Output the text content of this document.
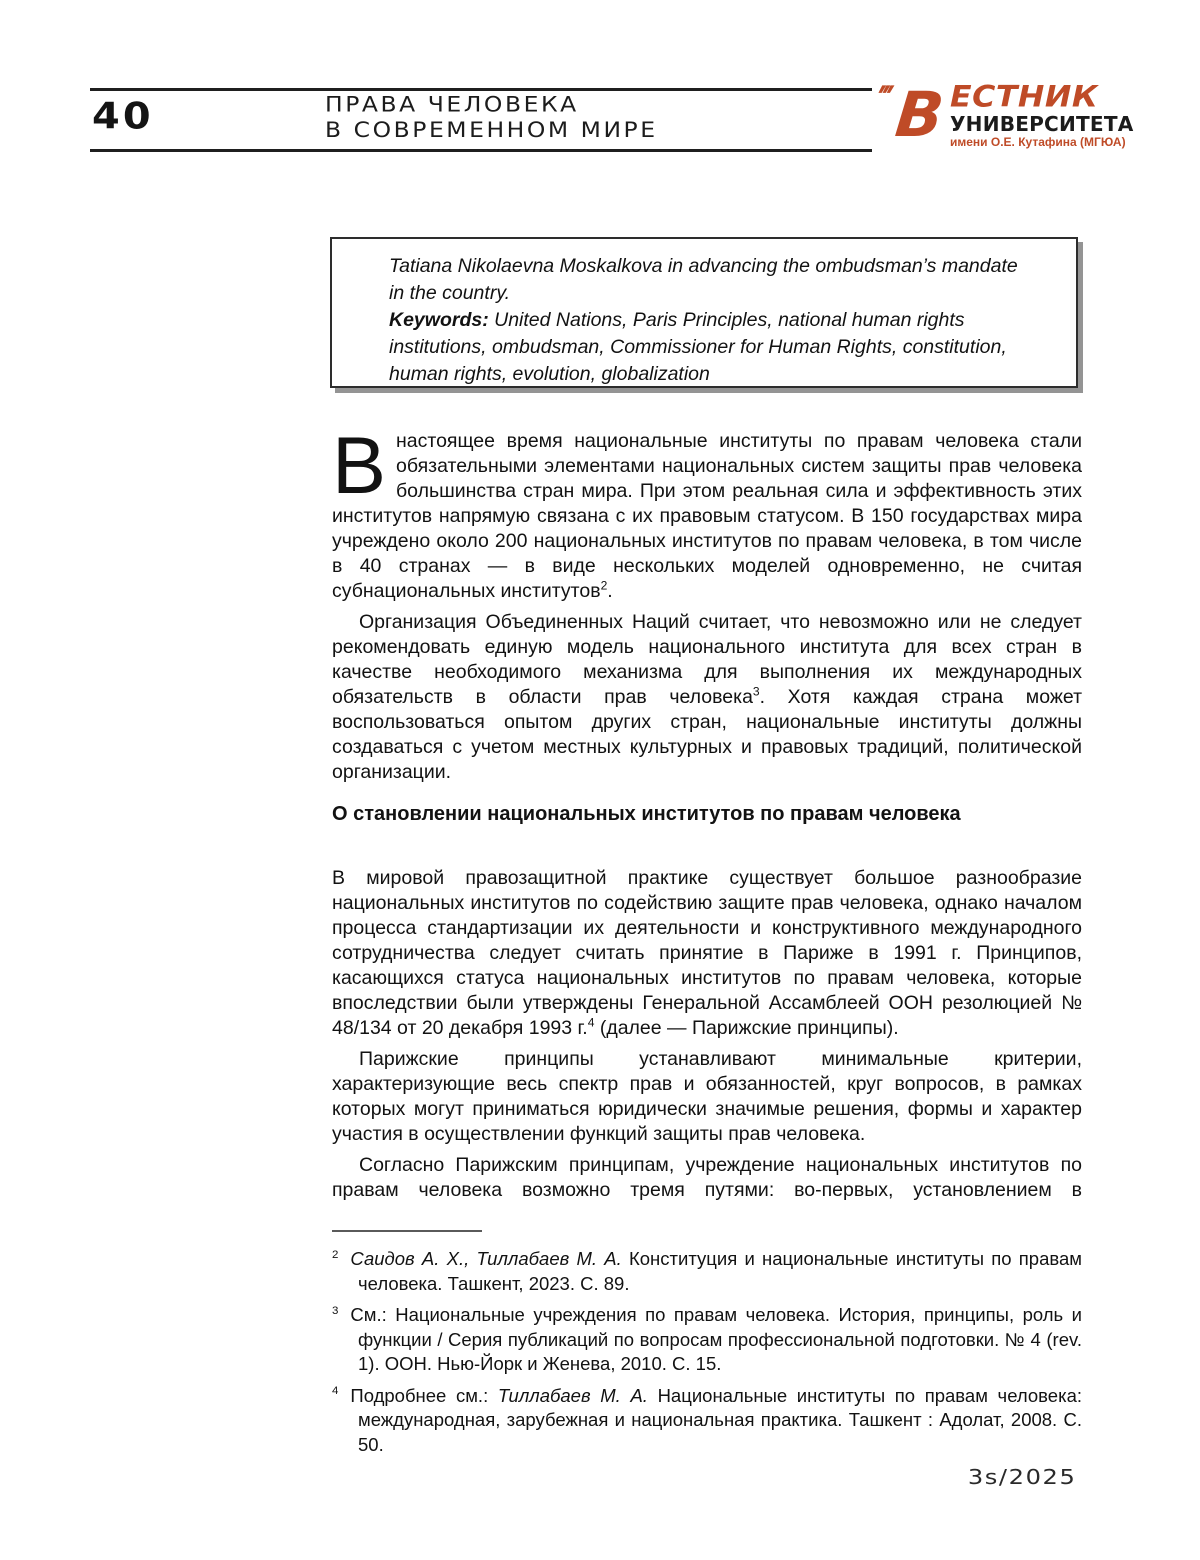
40	ПРАВА ЧЕЛОВЕКА
В СОВРЕМЕННОМ МИРЕ
''' В ЕСТНИК
УНИВЕРСИТЕТА
имени О.Е. Кутафина (МГЮА)
Tatiana Nikolaevna Moskalkova in advancing the ombudsman’s mandate in the country.
Keywords: United Nations, Paris Principles, national human rights institutions, ombudsman, Commissioner for Human Rights, constitution, human rights, evolution, globalization

В настоящее время национальные институты по правам человека стали обязательными элементами национальных систем защиты прав человека большинства стран мира. При этом реальная сила и эффективность этих институтов напрямую связана с их правовым статусом. В 150 государствах мира учреждено около 200 национальных институтов по правам человека, в том числе в 40 странах — в виде нескольких моделей одновременно, не считая субнациональных институтов$^2$.

Организация Объединенных Наций считает, что невозможно или не следует рекомендовать единую модель национального института для всех стран в качестве необходимого механизма для выполнения их международных обязательств в области прав человека$^3$. Хотя каждая страна может воспользоваться опытом других стран, национальные институты должны создаваться с учетом местных культурных и правовых традиций, политической организации.

О становлении национальных институтов по правам человека

В мировой правозащитной практике существует большое разнообразие национальных институтов по содействию защите прав человека, однако началом процесса стандартизации их деятельности и конструктивного международного сотрудничества следует считать принятие в Париже в 1991 г. Принципов, касающихся статуса национальных институтов по правам человека, которые впоследствии были утверждены Генеральной Ассамблеей ООН резолюцией № 48/134 от 20 декабря 1993 г.$^4$ (далее — Парижские принципы).

Парижские принципы устанавливают минимальные критерии, характеризующие весь спектр прав и обязанностей, круг вопросов, в рамках которых могут приниматься юридически значимые решения, формы и характер участия в осуществлении функций защиты прав человека.

Согласно Парижским принципам, учреждение национальных институтов по правам человека возможно тремя путями: во-первых, установлением в

$^2$ Саидов А. Х., Тиллабаев М. А. Конституция и национальные институты по правам человека. Ташкент, 2023. С. 89.
$^3$ См.: Национальные учреждения по правам человека. История, принципы, роль и функции / Серия публикаций по вопросам профессиональной подготовки. № 4 (rev. 1). ООН. Нью-Йорк и Женева, 2010. С. 15.
$^4$ Подробнее см.: Тиллабаев М. А. Национальные институты по правам человека: международная, зарубежная и национальная практика. Ташкент : Адолат, 2008. С. 50.
3s/2025
